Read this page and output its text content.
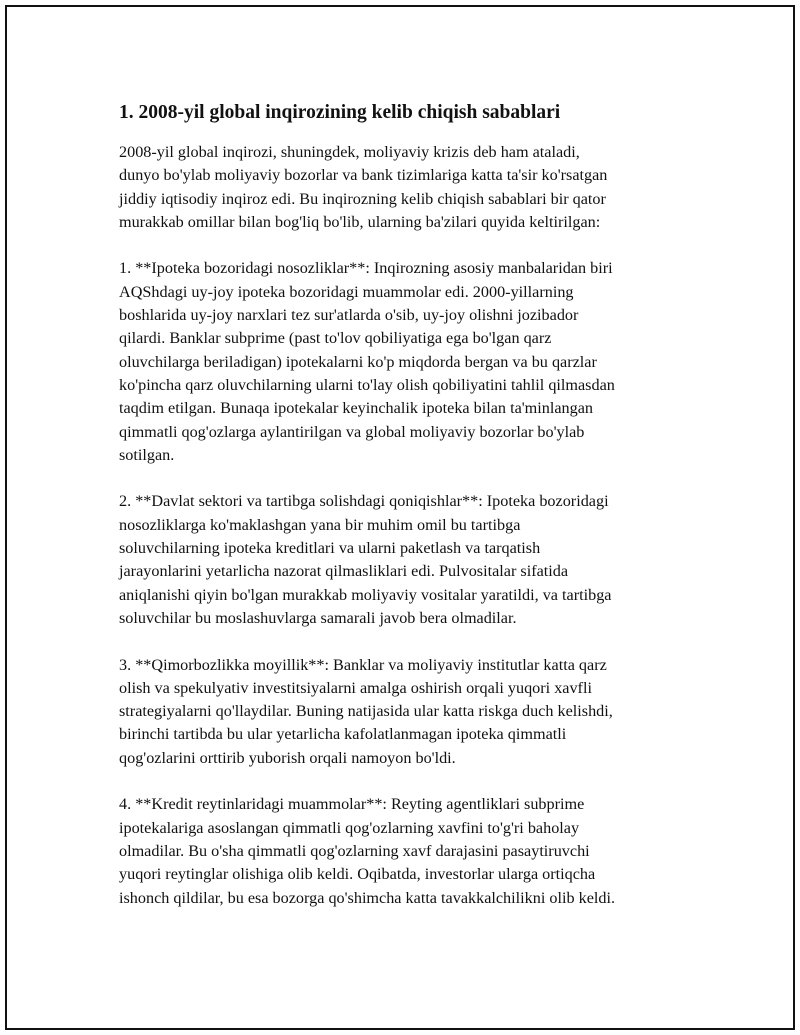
1. 2008-yil global inqirozining kelib chiqish sabablari

2008-yil global inqirozi, shuningdek, moliyaviy krizis deb ham ataladi,
dunyo bo'ylab moliyaviy bozorlar va bank tizimlariga katta ta'sir ko'rsatgan
jiddiy iqtisodiy inqiroz edi. Bu inqirozning kelib chiqish sabablari bir qator
murakkab omillar bilan bog'liq bo'lib, ularning ba'zilari quyida keltirilgan:

1. **Ipoteka bozoridagi nosozliklar**: Inqirozning asosiy manbalaridan biri
AQShdagi uy-joy ipoteka bozoridagi muammolar edi. 2000-yillarning
boshlarida uy-joy narxlari tez sur'atlarda o'sib, uy-joy olishni jozibador
qilardi. Banklar subprime (past to'lov qobiliyatiga ega bo'lgan qarz
oluvchilarga beriladigan) ipotekalarni ko'p miqdorda bergan va bu qarzlar
ko'pincha qarz oluvchilarning ularni to'lay olish qobiliyatini tahlil qilmasdan
taqdim etilgan. Bunaqa ipotekalar keyinchalik ipoteka bilan ta'minlangan
qimmatli qog'ozlarga aylantirilgan va global moliyaviy bozorlar bo'ylab
sotilgan.

2. **Davlat sektori va tartibga solishdagi qoniqishlar**: Ipoteka bozoridagi
nosozliklarga ko'maklashgan yana bir muhim omil bu tartibga
soluvchilarning ipoteka kreditlari va ularni paketlash va tarqatish
jarayonlarini yetarlicha nazorat qilmasliklari edi. Pulvositalar sifatida
aniqlanishi qiyin bo'lgan murakkab moliyaviy vositalar yaratildi, va tartibga
soluvchilar bu moslashuvlarga samarali javob bera olmadilar.

3. **Qimorbozlikka moyillik**: Banklar va moliyaviy institutlar katta qarz
olish va spekulyativ investitsiyalarni amalga oshirish orqali yuqori xavfli
strategiyalarni qo'llaydilar. Buning natijasida ular katta riskga duch kelishdi,
birinchi tartibda bu ular yetarlicha kafolatlanmagan ipoteka qimmatli
qog'ozlarini orttirib yuborish orqali namoyon bo'ldi.

4. **Kredit reytinlaridagi muammolar**: Reyting agentliklari subprime
ipotekalariga asoslangan qimmatli qog'ozlarning xavfini to'g'ri baholay
olmadilar. Bu o'sha qimmatli qog'ozlarning xavf darajasini pasaytiruvchi
yuqori reytinglar olishiga olib keldi. Oqibatda, investorlar ularga ortiqcha
ishonch qildilar, bu esa bozorga qo'shimcha katta tavakkalchilikni olib keldi.
